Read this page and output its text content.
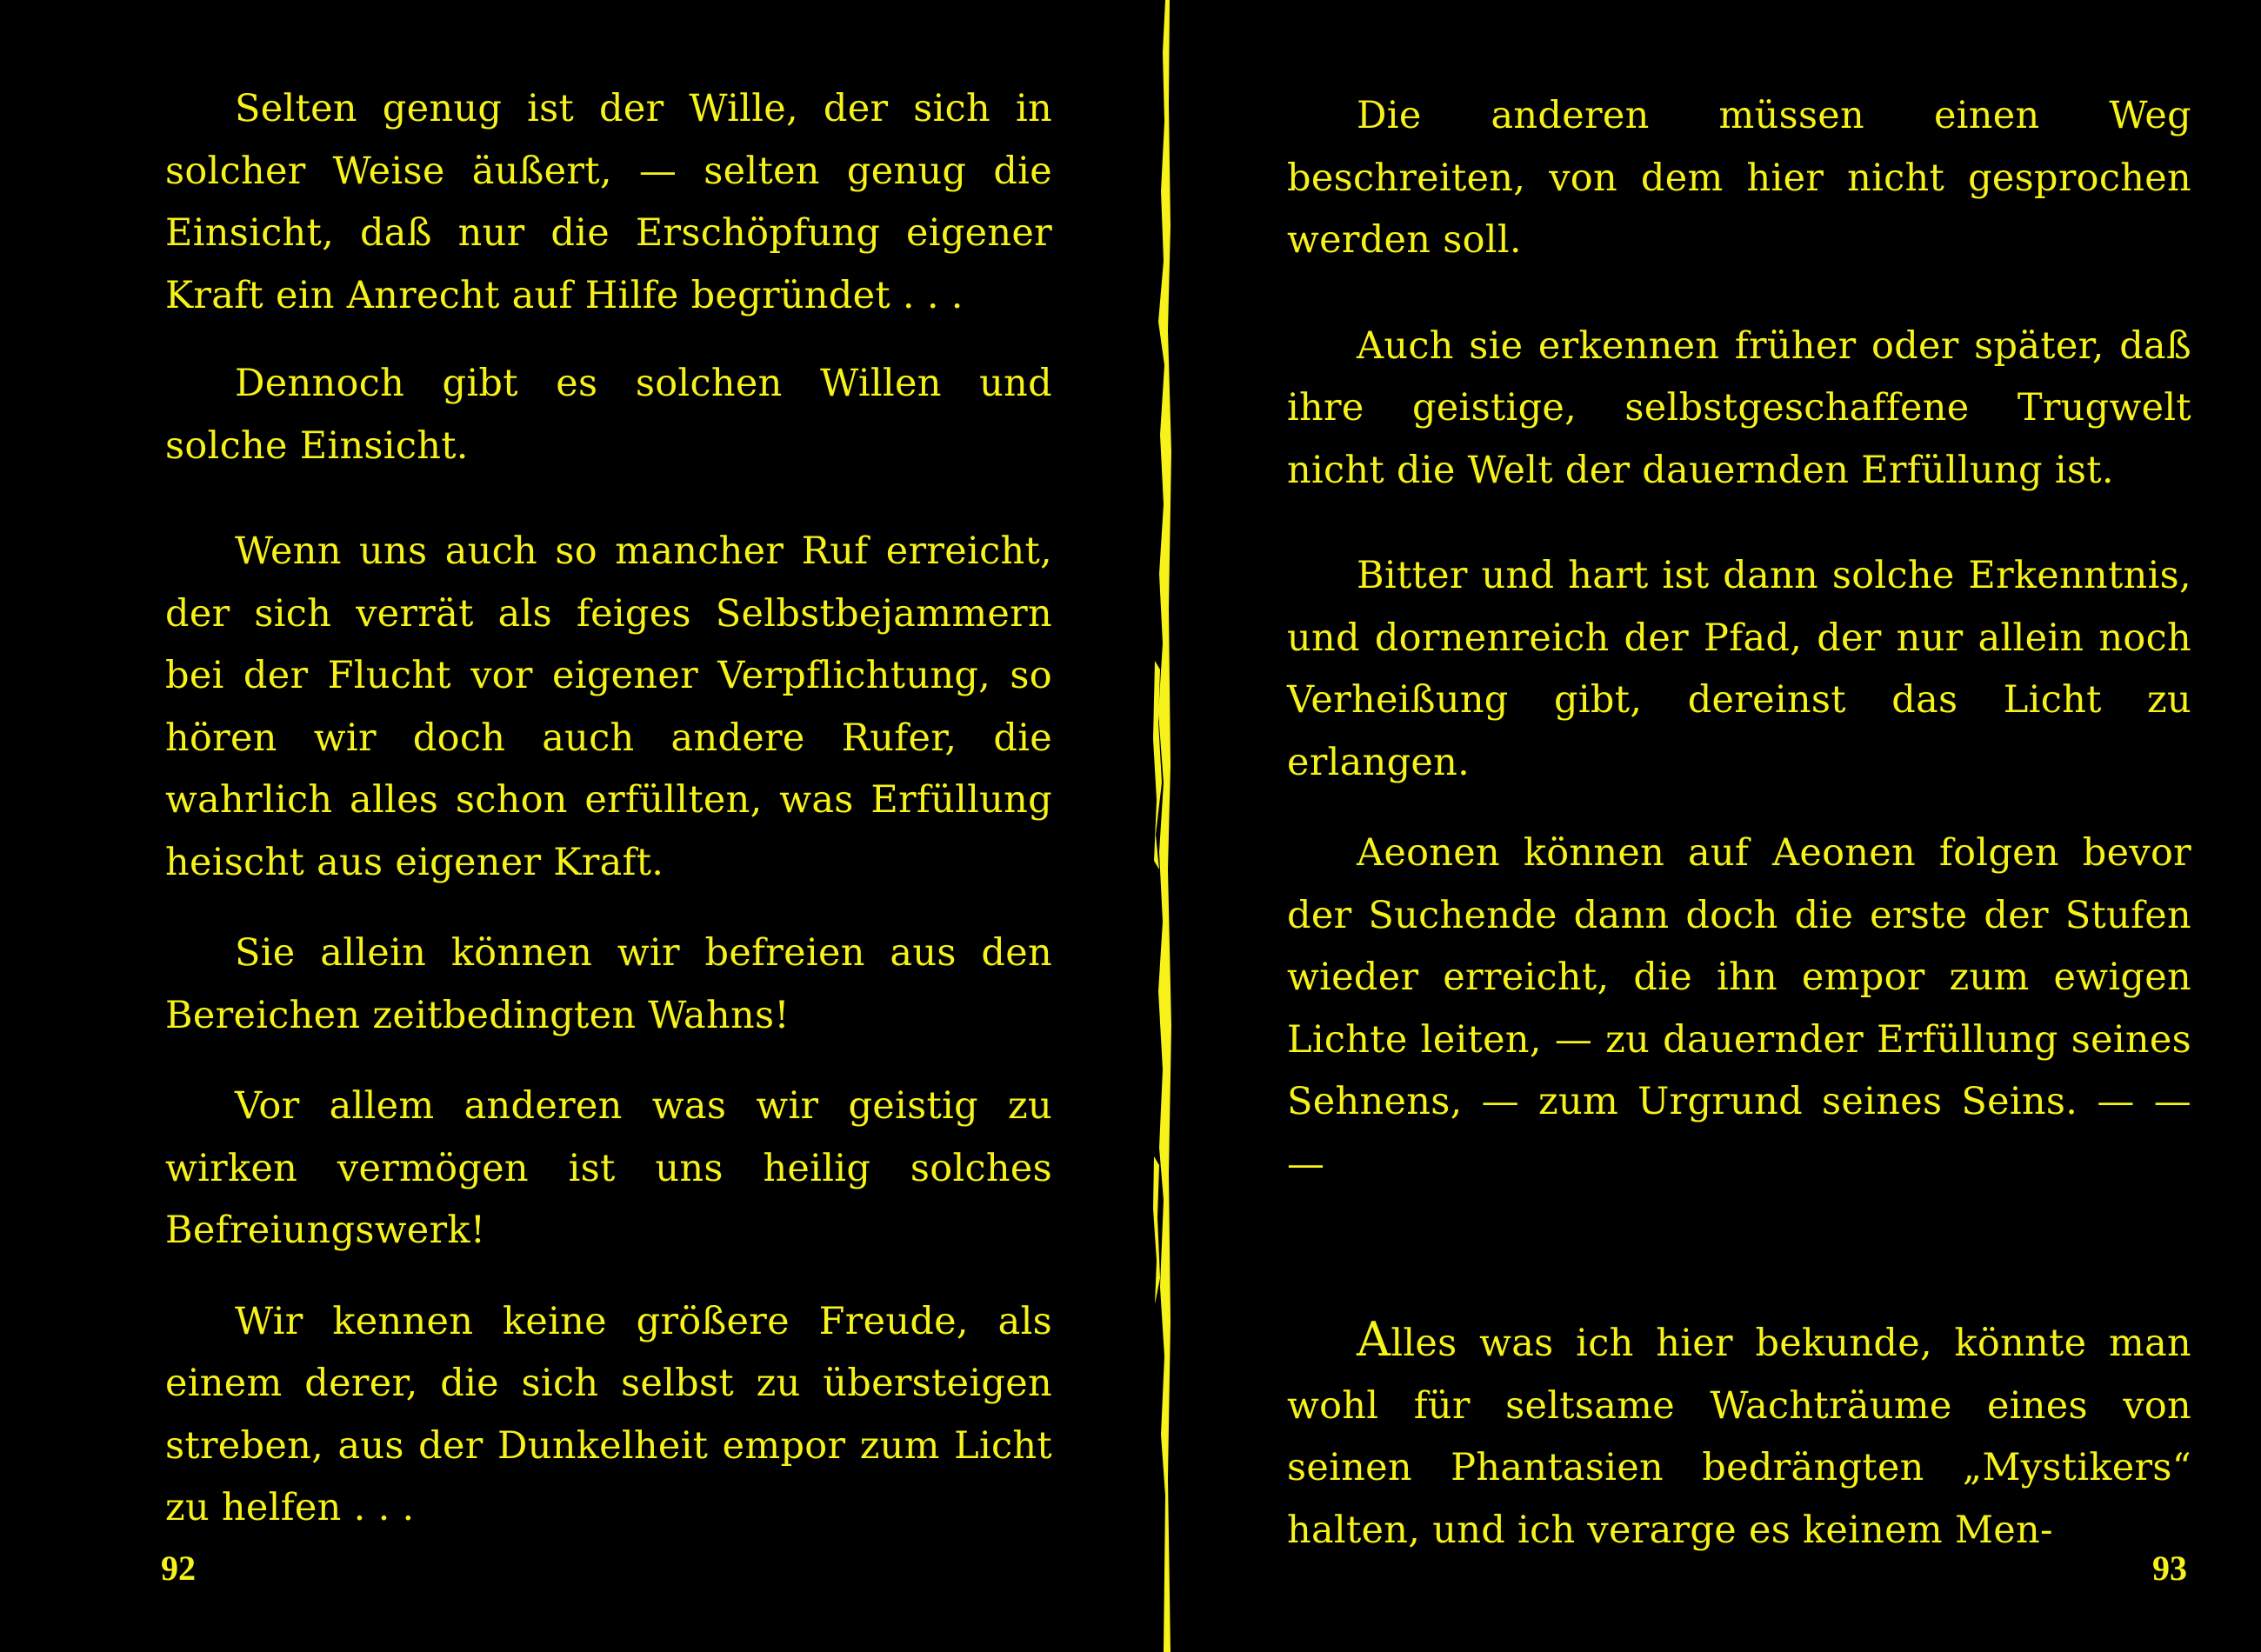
Selten genug ist der Wille, der sich in solcher Weise äußert, — selten genug die Einsicht, daß nur die Erschöpfung eigener Kraft ein Anrecht auf Hilfe begründet . . .

Dennoch gibt es solchen Willen und solche Einsicht.

Wenn uns auch so mancher Ruf erreicht, der sich verrät als feiges Selbstbejammern bei der Flucht vor eigener Verpflichtung, so hören wir doch auch andere Rufer, die wahrlich alles schon erfüllten, was Erfüllung heischt aus eigener Kraft.

Sie allein können wir befreien aus den Bereichen zeitbedingten Wahns!

Vor allem anderen was wir geistig zu wirken vermögen ist uns heilig solches Befreiungswerk!

Wir kennen keine größere Freude, als einem derer, die sich selbst zu übersteigen streben, aus der Dunkelheit empor zum Licht zu helfen . . .

92

Die anderen müssen einen Weg beschreiten, von dem hier nicht gesprochen werden soll.

Auch sie erkennen früher oder später, daß ihre geistige, selbstgeschaffene Trugwelt nicht die Welt der dauernden Erfüllung ist.

Bitter und hart ist dann solche Erkenntnis, und dornenreich der Pfad, der nur allein noch Verheißung gibt, dereinst das Licht zu erlangen.

Aeonen können auf Aeonen folgen bevor der Suchende dann doch die erste der Stufen wieder erreicht, die ihn empor zum ewigen Lichte leiten, — zu dauernder Erfüllung seines Sehnens, — zum Urgrund seines Seins. — — —

Alles was ich hier bekunde, könnte man wohl für seltsame Wachträume eines von seinen Phantasien bedrängten „Mystikers“ halten, und ich verarge es keinem Men-

93
